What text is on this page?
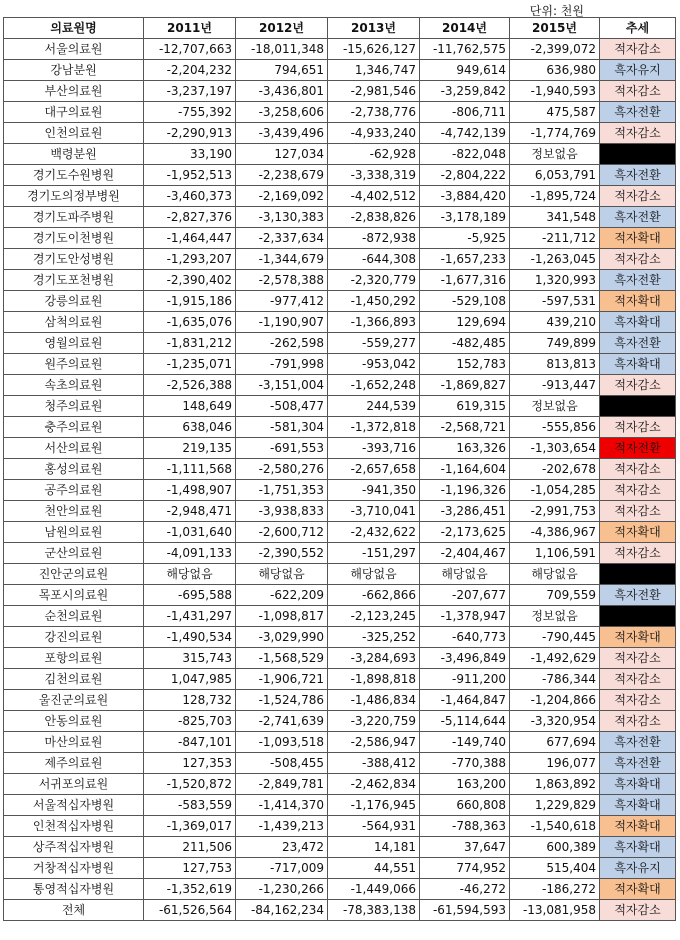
단위: 천원
의료원명	2011년	2012년	2013년	2014년	2015년	추세
서울의료원	-12,707,663	-18,011,348	-15,626,127	-11,762,575	-2,399,072	적자감소
강남분원	-2,204,232	794,651	1,346,747	949,614	636,980	흑자유지
부산의료원	-3,237,197	-3,436,801	-2,981,546	-3,259,842	-1,940,593	적자감소
대구의료원	-755,392	-3,258,606	-2,738,776	-806,711	475,587	흑자전환
인천의료원	-2,290,913	-3,439,496	-4,933,240	-4,742,139	-1,774,769	적자감소
백령분원	33,190	127,034	-62,928	-822,048	정보없음	
경기도수원병원	-1,952,513	-2,238,679	-3,338,319	-2,804,222	6,053,791	흑자전환
경기도의정부병원	-3,460,373	-2,169,092	-4,402,512	-3,884,420	-1,895,724	적자감소
경기도파주병원	-2,827,376	-3,130,383	-2,838,826	-3,178,189	341,548	흑자전환
경기도이천병원	-1,464,447	-2,337,634	-872,938	-5,925	-211,712	적자확대
경기도안성병원	-1,293,207	-1,344,679	-644,308	-1,657,233	-1,263,045	적자감소
경기도포천병원	-2,390,402	-2,578,388	-2,320,779	-1,677,316	1,320,993	흑자전환
강릉의료원	-1,915,186	-977,412	-1,450,292	-529,108	-597,531	적자확대
삼척의료원	-1,635,076	-1,190,907	-1,366,893	129,694	439,210	흑자확대
영월의료원	-1,831,212	-262,598	-559,277	-482,485	749,899	흑자전환
원주의료원	-1,235,071	-791,998	-953,042	152,783	813,813	흑자확대
속초의료원	-2,526,388	-3,151,004	-1,652,248	-1,869,827	-913,447	적자감소
청주의료원	148,649	-508,477	244,539	619,315	정보없음	
충주의료원	638,046	-581,304	-1,372,818	-2,568,721	-555,856	적자감소
서산의료원	219,135	-691,553	-393,716	163,326	-1,303,654	적자전환
홍성의료원	-1,111,568	-2,580,276	-2,657,658	-1,164,604	-202,678	적자감소
공주의료원	-1,498,907	-1,751,353	-941,350	-1,196,326	-1,054,285	적자감소
천안의료원	-2,948,471	-3,938,833	-3,710,041	-3,286,451	-2,991,753	적자감소
남원의료원	-1,031,640	-2,600,712	-2,432,622	-2,173,625	-4,386,967	적자확대
군산의료원	-4,091,133	-2,390,552	-151,297	-2,404,467	1,106,591	적자감소
진안군의료원	해당없음	해당없음	해당없음	해당없음	해당없음	
목포시의료원	-695,588	-622,209	-662,866	-207,677	709,559	흑자전환
순천의료원	-1,431,297	-1,098,817	-2,123,245	-1,378,947	정보없음	
강진의료원	-1,490,534	-3,029,990	-325,252	-640,773	-790,445	적자확대
포항의료원	315,743	-1,568,529	-3,284,693	-3,496,849	-1,492,629	적자감소
김천의료원	1,047,985	-1,906,721	-1,898,818	-911,200	-786,344	적자감소
울진군의료원	128,732	-1,524,786	-1,486,834	-1,464,847	-1,204,866	적자감소
안동의료원	-825,703	-2,741,639	-3,220,759	-5,114,644	-3,320,954	적자감소
마산의료원	-847,101	-1,093,518	-2,586,947	-149,740	677,694	흑자전환
제주의료원	127,353	-508,455	-388,412	-770,388	196,077	흑자전환
서귀포의료원	-1,520,872	-2,849,781	-2,462,834	163,200	1,863,892	흑자확대
서울적십자병원	-583,559	-1,414,370	-1,176,945	660,808	1,229,829	흑자확대
인천적십자병원	-1,369,017	-1,439,213	-564,931	-788,363	-1,540,618	적자확대
상주적십자병원	211,506	23,472	14,181	37,647	600,389	흑자확대
거창적십자병원	127,753	-717,009	44,551	774,952	515,404	흑자유지
통영적십자병원	-1,352,619	-1,230,266	-1,449,066	-46,272	-186,272	적자확대
전체	-61,526,564	-84,162,234	-78,383,138	-61,594,593	-13,081,958	적자감소
